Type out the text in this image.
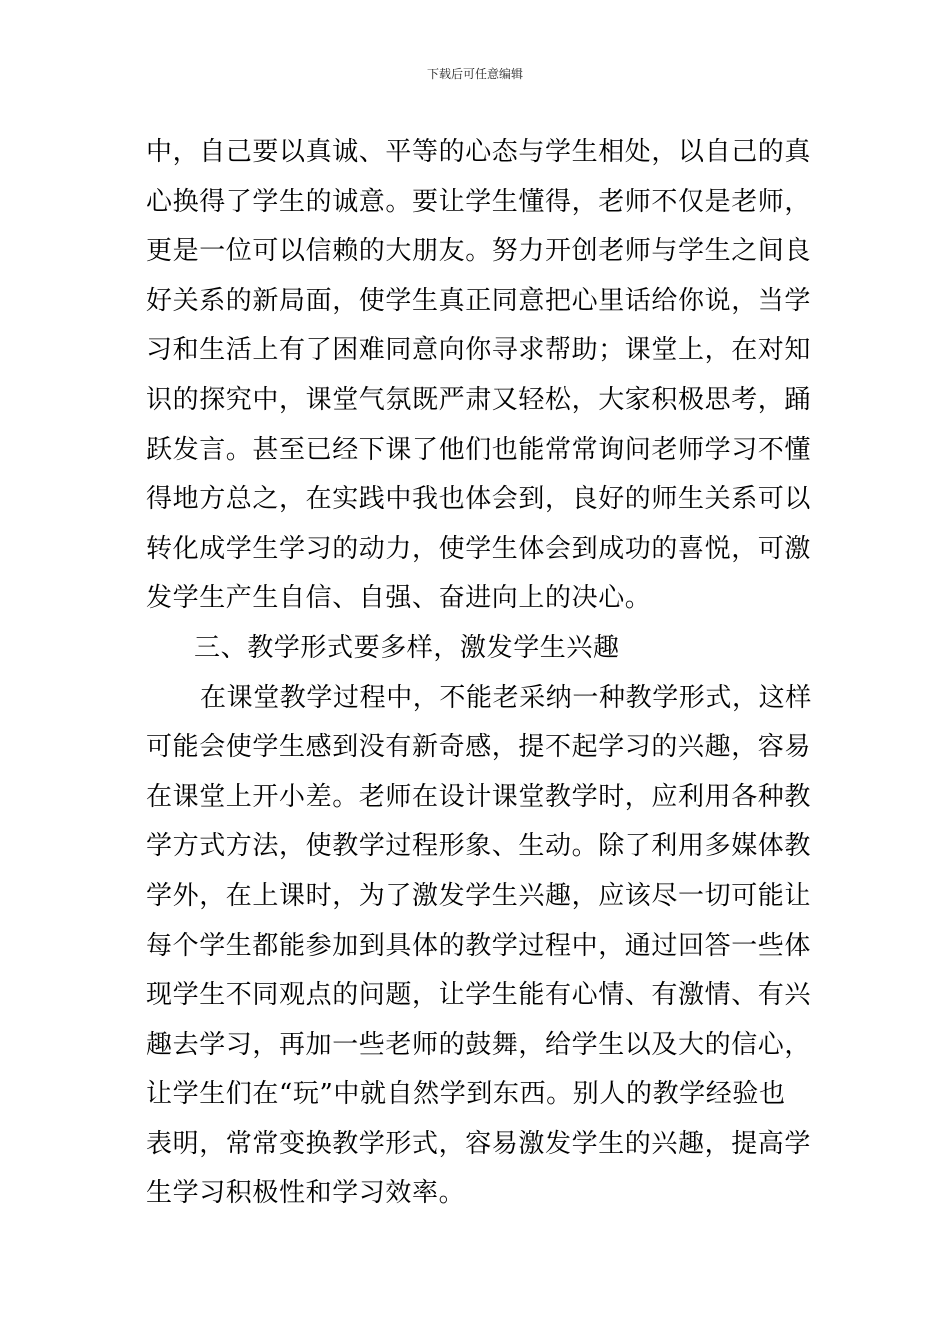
下载后可任意编辑
中，自己要以真诚、平等的心态与学生相处，以自己的真
心换得了学生的诚意。要让学生懂得，老师不仅是老师，
更是一位可以信赖的大朋友。努力开创老师与学生之间良
好关系的新局面，使学生真正同意把心里话给你说，当学
习和生活上有了困难同意向你寻求帮助；课堂上，在对知
识的探究中，课堂气氛既严肃又轻松，大家积极思考，踊
跃发言。甚至已经下课了他们也能常常询问老师学习不懂
得地方总之，在实践中我也体会到，良好的师生关系可以
转化成学生学习的动力，使学生体会到成功的喜悦，可激
发学生产生自信、自强、奋进向上的决心。
三、教学形式要多样，激发学生兴趣
在课堂教学过程中，不能老采纳一种教学形式，这样
可能会使学生感到没有新奇感，提不起学习的兴趣，容易
在课堂上开小差。老师在设计课堂教学时，应利用各种教
学方式方法，使教学过程形象、生动。除了利用多媒体教
学外，在上课时，为了激发学生兴趣，应该尽一切可能让
每个学生都能参加到具体的教学过程中，通过回答一些体
现学生不同观点的问题，让学生能有心情、有激情、有兴
趣去学习，再加一些老师的鼓舞，给学生以及大的信心，
让学生们在“玩”中就自然学到东西。别人的教学经验也
表明，常常变换教学形式，容易激发学生的兴趣，提高学
生学习积极性和学习效率。
